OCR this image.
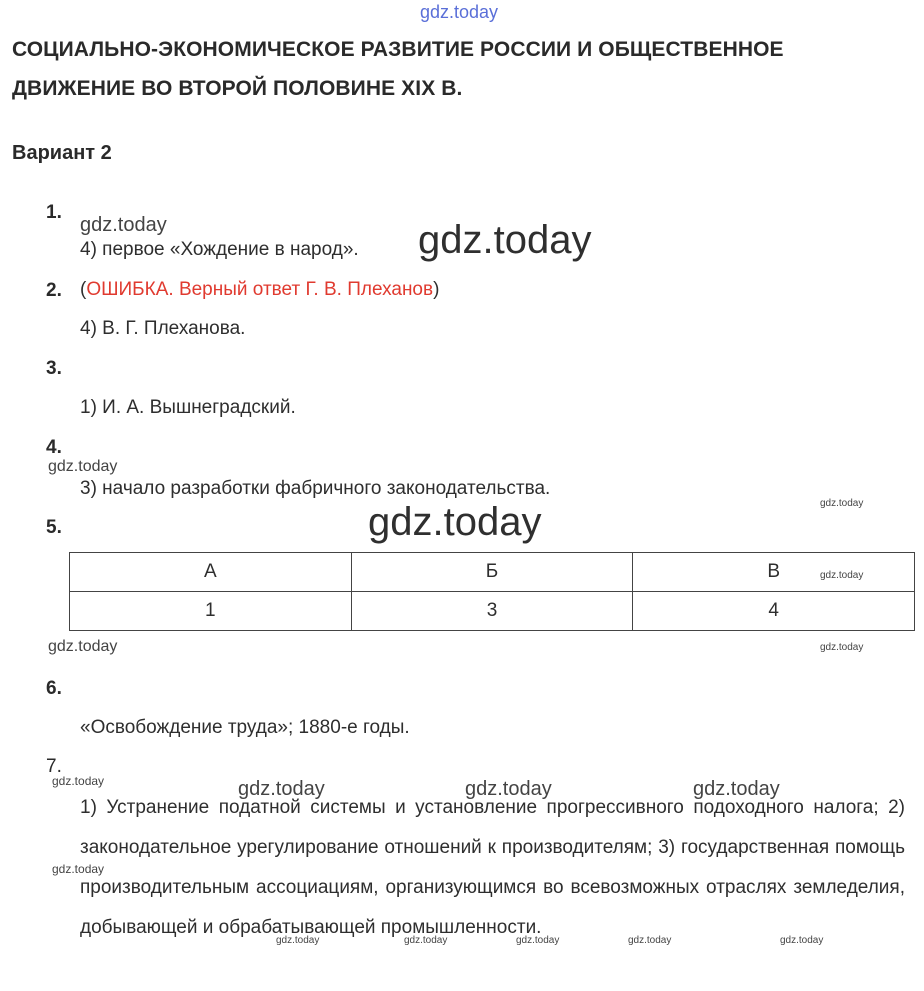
gdz.today
СОЦИАЛЬНО-ЭКОНОМИЧЕСКОЕ РАЗВИТИЕ РОССИИ И ОБЩЕСТВЕННОЕ
ДВИЖЕНИЕ ВО ВТОРОЙ ПОЛОВИНЕ XIX В.
Вариант 2
1.
gdz.today
4) первое «Хождение в народ». gdz.today
2. (ОШИБКА. Верный ответ Г. В. Плеханов)
4) В. Г. Плеханова.
3.
1) И. А. Вышнеградский.
4.
gdz.today
3) начало разработки фабричного законодательства.
gdz.today
5.	gdz.today
А	Б	В
1	3	4
gdz.today
gdz.today	gdz.today
6.
«Освобождение труда»; 1880-е годы.
7.
gdz.today	gdz.today	gdz.today	gdz.today
1) Устранение податной системы и установление прогрессивного подоходного налога; 2) законодательное урегулирование отношений к производителям; 3) государственная помощь производительным ассоциациям, организующимся во всевозможных отраслях земледелия, добывающей и обрабатывающей промышленности.
gdz.today
gdz.today	gdz.today	gdz.today	gdz.today	gdz.today
